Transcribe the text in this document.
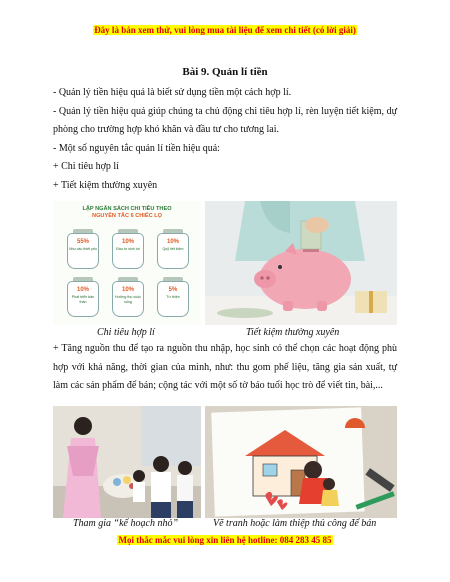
Đây là bản xem thử, vui lòng mua tài liệu để xem chi tiết (có lời giải)

Bài 9. Quản lí tiền

- Quản lý tiền hiệu quả là biết sử dụng tiền một cách hợp lí.

- Quản lý tiền hiệu quả giúp chúng ta chủ động chi tiêu hợp lí, rèn luyện tiết kiệm, dự phòng cho trường hợp khó khăn và đầu tư cho tương lai.

- Một số nguyên tắc quản lí tiền hiệu quả:

+ Chi tiêu hợp lí

+ Tiết kiệm thường xuyên

LẬP NGÂN SÁCH CHI TIÊU THEO
NGUYÊN TẮC 6 CHIẾC LỌ
55%
Nhu cầu thiết yếu
10%
Đầu tư sinh lợi
10%
Quỹ tiết kiệm
10%
Phát triển bản thân
10%
Hưởng thụ cuộc sống
5%
Từ thiện
Chi tiêu hợp lí	Tiết kiệm thường xuyên

+ Tăng nguồn thu để tạo ra nguồn thu nhập, học sinh có thể chọn các hoạt động phù hợp với khả năng, thời gian của mình, như: thu gom phế liệu, tăng gia sản xuất, tự làm các sản phẩm để bán; cộng tác với một số tờ báo tuổi học trò để viết tin, bài,...

Tham gia “kế hoạch nhỏ”	Vẽ tranh hoặc làm thiệp thủ công để bán
Mọi thắc mắc vui lòng xin liên hệ hotline: 084 283 45 85
